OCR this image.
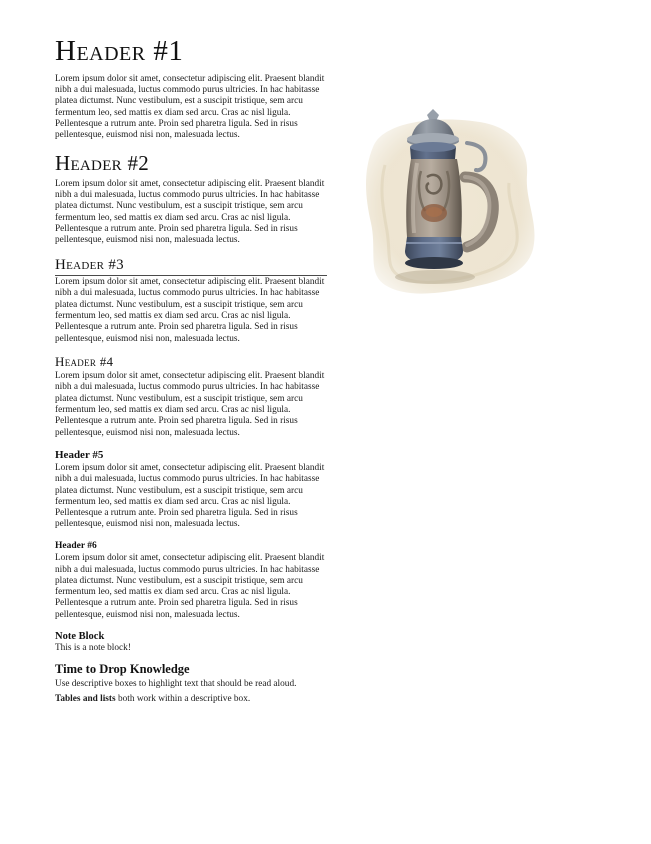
Header #1

Lorem ipsum dolor sit amet, consectetur adipiscing elit. Praesent blandit nibh a dui malesuada, luctus commodo purus ultricies. In hac habitasse platea dictumst. Nunc vestibulum, est a suscipit tristique, sem arcu fermentum leo, sed mattis ex diam sed arcu. Cras ac nisl ligula. Pellentesque a rutrum ante. Proin sed pharetra ligula. Sed in risus pellentesque, euismod nisi non, malesuada lectus.

Header #2

Lorem ipsum dolor sit amet, consectetur adipiscing elit. Praesent blandit nibh a dui malesuada, luctus commodo purus ultricies. In hac habitasse platea dictumst. Nunc vestibulum, est a suscipit tristique, sem arcu fermentum leo, sed mattis ex diam sed arcu. Cras ac nisl ligula. Pellentesque a rutrum ante. Proin sed pharetra ligula. Sed in risus pellentesque, euismod nisi non, malesuada lectus.

Header #3

Lorem ipsum dolor sit amet, consectetur adipiscing elit. Praesent blandit nibh a dui malesuada, luctus commodo purus ultricies. In hac habitasse platea dictumst. Nunc vestibulum, est a suscipit tristique, sem arcu fermentum leo, sed mattis ex diam sed arcu. Cras ac nisl ligula. Pellentesque a rutrum ante. Proin sed pharetra ligula. Sed in risus pellentesque, euismod nisi non, malesuada lectus.

Header #4

Lorem ipsum dolor sit amet, consectetur adipiscing elit. Praesent blandit nibh a dui malesuada, luctus commodo purus ultricies. In hac habitasse platea dictumst. Nunc vestibulum, est a suscipit tristique, sem arcu fermentum leo, sed mattis ex diam sed arcu. Cras ac nisl ligula. Pellentesque a rutrum ante. Proin sed pharetra ligula. Sed in risus pellentesque, euismod nisi non, malesuada lectus.

Header #5

Lorem ipsum dolor sit amet, consectetur adipiscing elit. Praesent blandit nibh a dui malesuada, luctus commodo purus ultricies. In hac habitasse platea dictumst. Nunc vestibulum, est a suscipit tristique, sem arcu fermentum leo, sed mattis ex diam sed arcu. Cras ac nisl ligula. Pellentesque a rutrum ante. Proin sed pharetra ligula. Sed in risus pellentesque, euismod nisi non, malesuada lectus.

Header #6

Lorem ipsum dolor sit amet, consectetur adipiscing elit. Praesent blandit nibh a dui malesuada, luctus commodo purus ultricies. In hac habitasse platea dictumst. Nunc vestibulum, est a suscipit tristique, sem arcu fermentum leo, sed mattis ex diam sed arcu. Cras ac nisl ligula. Pellentesque a rutrum ante. Proin sed pharetra ligula. Sed in risus pellentesque, euismod nisi non, malesuada lectus.

Note Block
This is a note block!
Time to Drop Knowledge
Use descriptive boxes to highlight text that should be read aloud.
Tables and lists both work within a descriptive box.
